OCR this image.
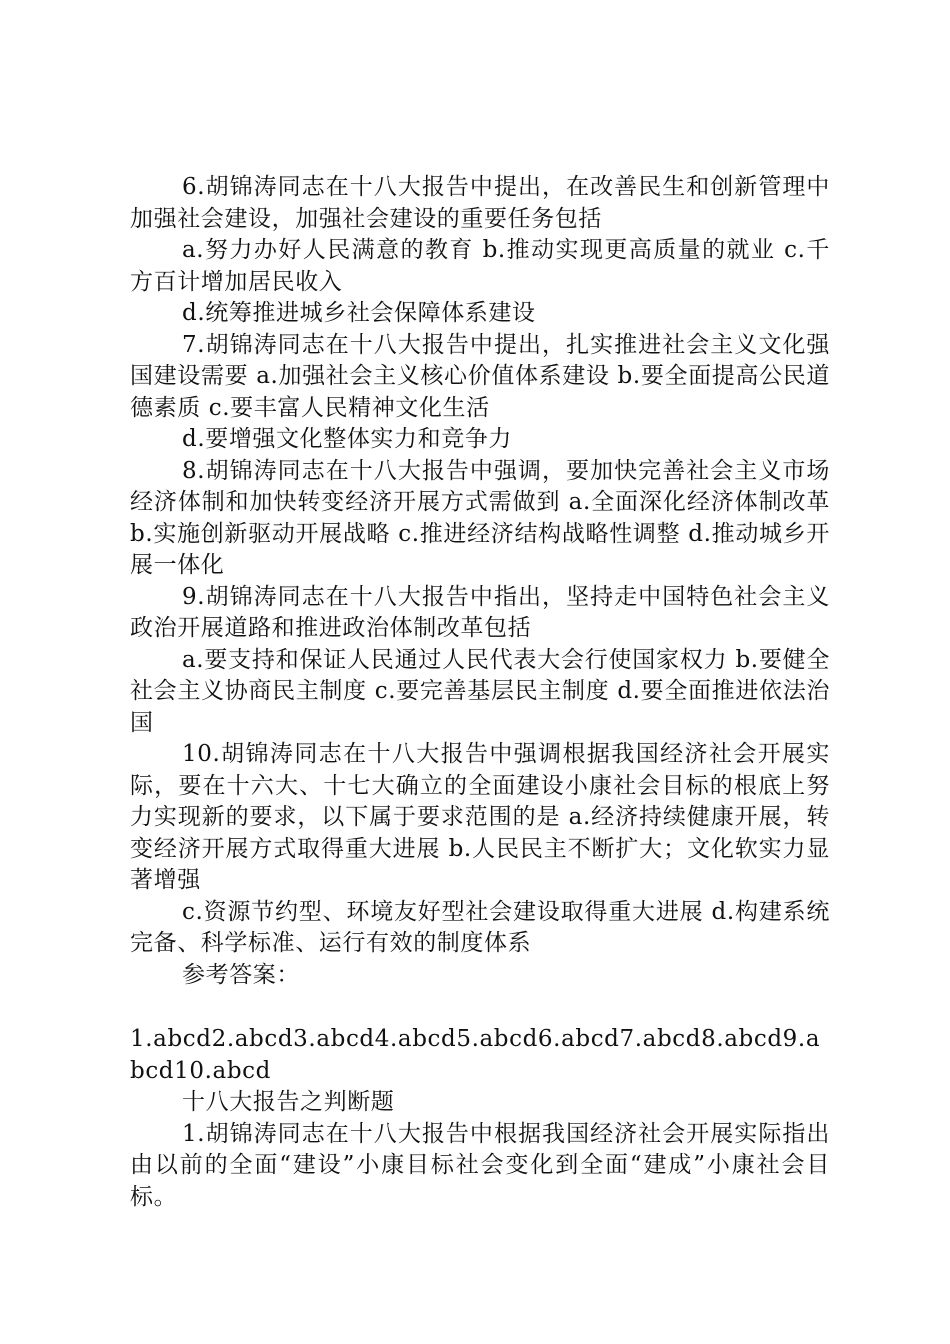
6.胡锦涛同志在十八大报告中提出，在改善民生和创新管理中加强社会建设，加强社会建设的重要任务包括

a.努力办好人民满意的教育 b.推动实现更高质量的就业 c.千方百计增加居民收入

d.统筹推进城乡社会保障体系建设

7.胡锦涛同志在十八大报告中提出，扎实推进社会主义文化强国建设需要 a.加强社会主义核心价值体系建设 b.要全面提高公民道德素质 c.要丰富人民精神文化生活

d.要增强文化整体实力和竞争力

8.胡锦涛同志在十八大报告中强调，要加快完善社会主义市场经济体制和加快转变经济开展方式需做到 a.全面深化经济体制改革 b.实施创新驱动开展战略 c.推进经济结构战略性调整 d.推动城乡开展一体化

9.胡锦涛同志在十八大报告中指出，坚持走中国特色社会主义政治开展道路和推进政治体制改革包括

a.要支持和保证人民通过人民代表大会行使国家权力 b.要健全社会主义协商民主制度 c.要完善基层民主制度 d.要全面推进依法治国

10.胡锦涛同志在十八大报告中强调根据我国经济社会开展实际，要在十六大、十七大确立的全面建设小康社会目标的根底上努力实现新的要求，以下属于要求范围的是 a.经济持续健康开展，转变经济开展方式取得重大进展 b.人民民主不断扩大；文化软实力显著增强

c.资源节约型、环境友好型社会建设取得重大进展 d.构建系统完备、科学标准、运行有效的制度体系

参考答案：

1.abcd2.abcd3.abcd4.abcd5.abcd6.abcd7.abcd8.abcd9.abcd10.abcd

十八大报告之判断题

1.胡锦涛同志在十八大报告中根据我国经济社会开展实际指出由以前的全面“建设”小康目标社会变化到全面“建成”小康社会目标。
